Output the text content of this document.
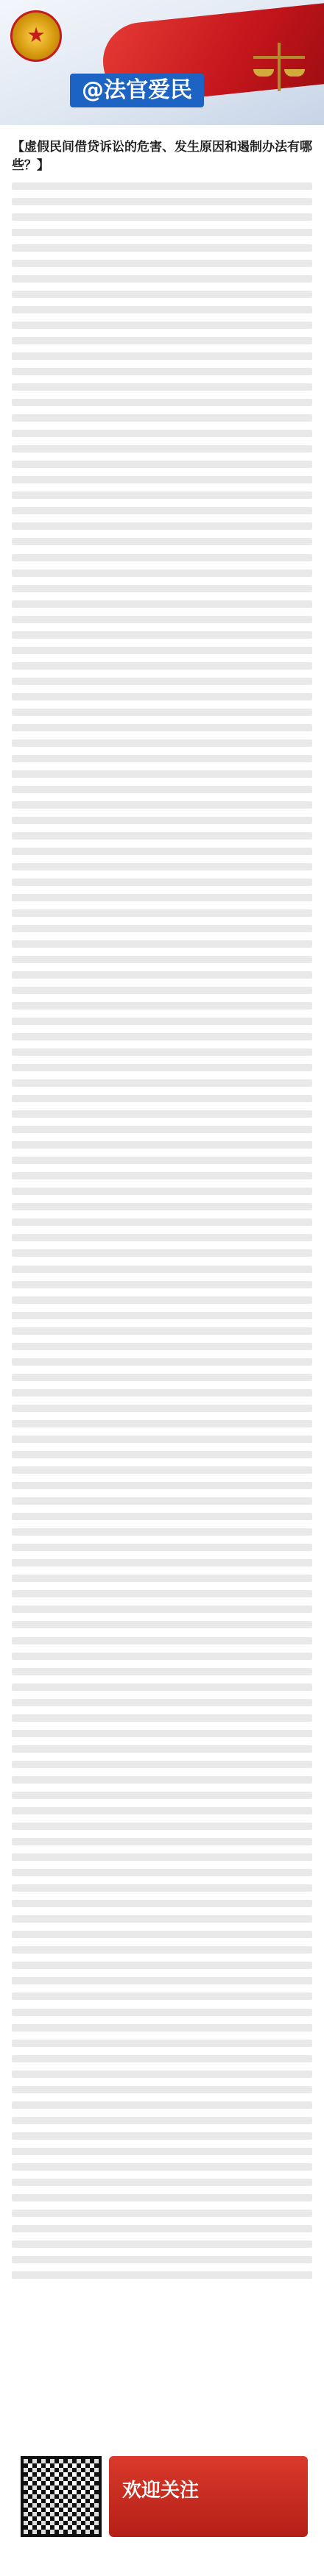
★
@法官爱民
【虚假民间借贷诉讼的危害、发生原因和遏制办法有哪些？】
欢迎关注
